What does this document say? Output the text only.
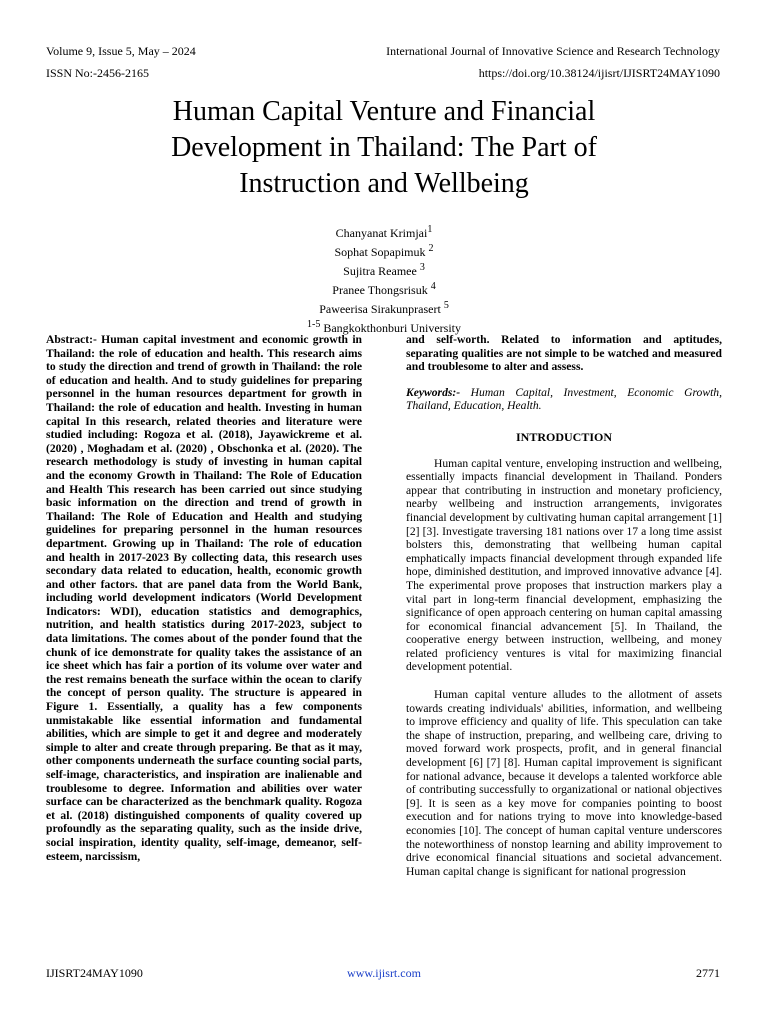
Volume 9, Issue 5, May – 2024	International Journal of Innovative Science and Research Technology
ISSN No:-2456-2165	https://doi.org/10.38124/ijisrt/IJISRT24MAY1090
Human Capital Venture and Financial
Development in Thailand: The Part of
Instruction and Wellbeing
Chanyanat Krimjai$^1$
Sophat Sopapimuk $^2$
Sujitra Reamee $^3$
Pranee Thongsrisuk $^4$
Paweerisa Sirakunprasert $^5$
$^{1-5}$ Bangkokthonburi University

Abstract:- Human capital investment and economic growth in Thailand: the role of education and health. This research aims to study the direction and trend of growth in Thailand: the role of education and health. And to study guidelines for preparing personnel in the human resources department for growth in Thailand: the role of education and health. Investing in human capital In this research, related theories and literature were studied including: Rogoza et al. (2018), Jayawickreme et al. (2020) , Moghadam et al. (2020) , Obschonka et al. (2020). The research methodology is study of investing in human capital and the economy Growth in Thailand: The Role of Education and Health This research has been carried out since studying basic information on the direction and trend of growth in Thailand: The Role of Education and Health and studying guidelines for preparing personnel in the human resources department. Growing up in Thailand: The role of education and health in 2017-2023 By collecting data, this research uses secondary data related to education, health, economic growth and other factors. that are panel data from the World Bank, including world development indicators (World Development Indicators: WDI), education statistics and demographics, nutrition, and health statistics during 2017-2023, subject to data limitations. The comes about of the ponder found that the chunk of ice demonstrate for quality takes the assistance of an ice sheet which has fair a portion of its volume over water and the rest remains beneath the surface within the ocean to clarify the concept of person quality. The structure is appeared in Figure 1. Essentially, a quality has a few components unmistakable like essential information and fundamental abilities, which are simple to get it and degree and moderately simple to alter and create through preparing. Be that as it may, other components underneath the surface counting social parts, self-image, characteristics, and inspiration are inalienable and troublesome to degree. Information and abilities over water surface can be characterized as the benchmark quality. Rogoza et al. (2018) distinguished components of quality covered up profoundly as the separating quality, such as the inside drive, social inspiration, identity quality, self-image, demeanor, self-esteem, narcissism,

and self-worth. Related to information and aptitudes, separating qualities are not simple to be watched and measured and troublesome to alter and assess.

Keywords:- Human Capital, Investment, Economic Growth, Thailand, Education, Health.

INTRODUCTION

Human capital venture, enveloping instruction and wellbeing, essentially impacts financial development in Thailand. Ponders appear that contributing in instruction and monetary proficiency, nearby wellbeing and instruction arrangements, invigorates financial development by cultivating human capital arrangement [1] [2] [3]. Investigate traversing 181 nations over 17 a long time assist bolsters this, demonstrating that wellbeing human capital emphatically impacts financial development through expanded life hope, diminished destitution, and improved innovative advance [4]. The experimental prove proposes that instruction markers play a vital part in long-term financial development, emphasizing the significance of open approach centering on human capital amassing for economical financial advancement [5]. In Thailand, the cooperative energy between instruction, wellbeing, and money related proficiency ventures is vital for maximizing financial development potential.

Human capital venture alludes to the allotment of assets towards creating individuals' abilities, information, and wellbeing to improve efficiency and quality of life. This speculation can take the shape of instruction, preparing, and wellbeing care, driving to moved forward work prospects, profit, and in general financial development [6] [7] [8]. Human capital improvement is significant for national advance, because it develops a talented workforce able of contributing successfully to organizational or national objectives [9]. It is seen as a key move for companies pointing to boost execution and for nations trying to move into knowledge-based economies [10]. The concept of human capital venture underscores the noteworthiness of nonstop learning and ability improvement to drive economical financial situations and societal advancement. Human capital change is significant for national progression

IJISRT24MAY1090	www.ijisrt.com	2771
